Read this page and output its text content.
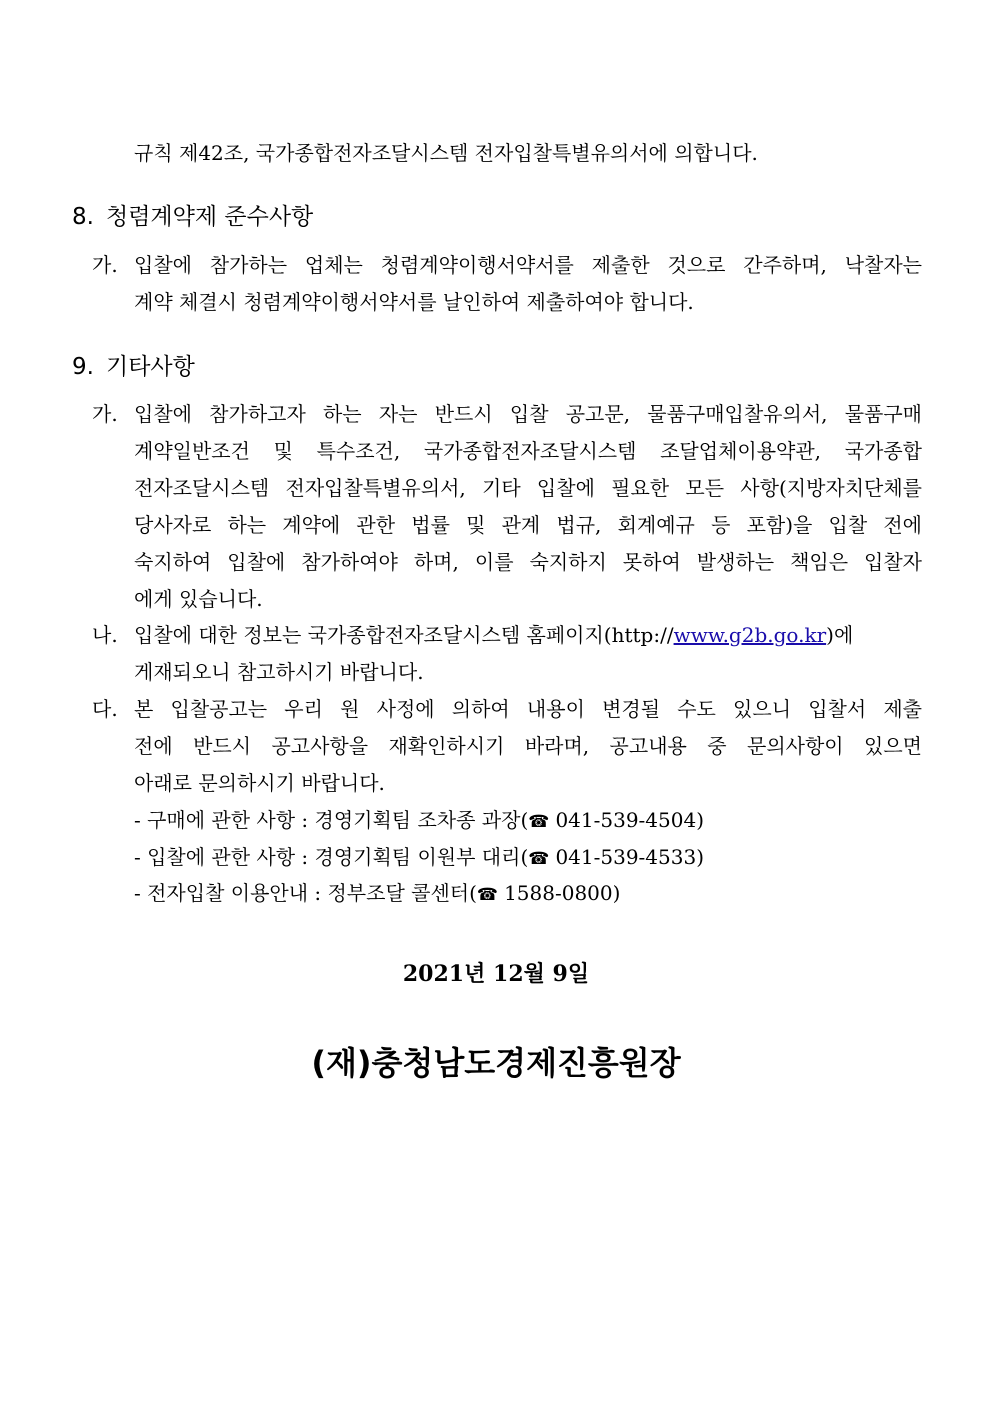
규칙 제42조, 국가종합전자조달시스템 전자입찰특별유의서에 의합니다.
8. 청렴계약제 준수사항
가. 입찰에 참가하는 업체는 청렴계약이행서약서를 제출한 것으로 간주하며, 낙찰자는
계약 체결시 청렴계약이행서약서를 날인하여 제출하여야 합니다.
9. 기타사항
가. 입찰에 참가하고자 하는 자는 반드시 입찰 공고문, 물품구매입찰유의서, 물품구매
계약일반조건 및 특수조건, 국가종합전자조달시스템 조달업체이용약관, 국가종합
전자조달시스템 전자입찰특별유의서, 기타 입찰에 필요한 모든 사항(지방자치단체를
당사자로 하는 계약에 관한 법률 및 관계 법규, 회계예규 등 포함)을 입찰 전에
숙지하여 입찰에 참가하여야 하며, 이를 숙지하지 못하여 발생하는 책임은 입찰자
에게 있습니다.
나. 입찰에 대한 정보는 국가종합전자조달시스템 홈페이지(http://www.g2b.go.kr)에
게재되오니 참고하시기 바랍니다.
다. 본 입찰공고는 우리 원 사정에 의하여 내용이 변경될 수도 있으니 입찰서 제출
전에 반드시 공고사항을 재확인하시기 바라며, 공고내용 중 문의사항이 있으면
아래로 문의하시기 바랍니다.
- 구매에 관한 사항 : 경영기획팀 조차종 과장(☎ 041-539-4504)
- 입찰에 관한 사항 : 경영기획팀 이원부 대리(☎ 041-539-4533)
- 전자입찰 이용안내 : 정부조달 콜센터(☎ 1588-0800)
2021년 12월 9일
(재)충청남도경제진흥원장
